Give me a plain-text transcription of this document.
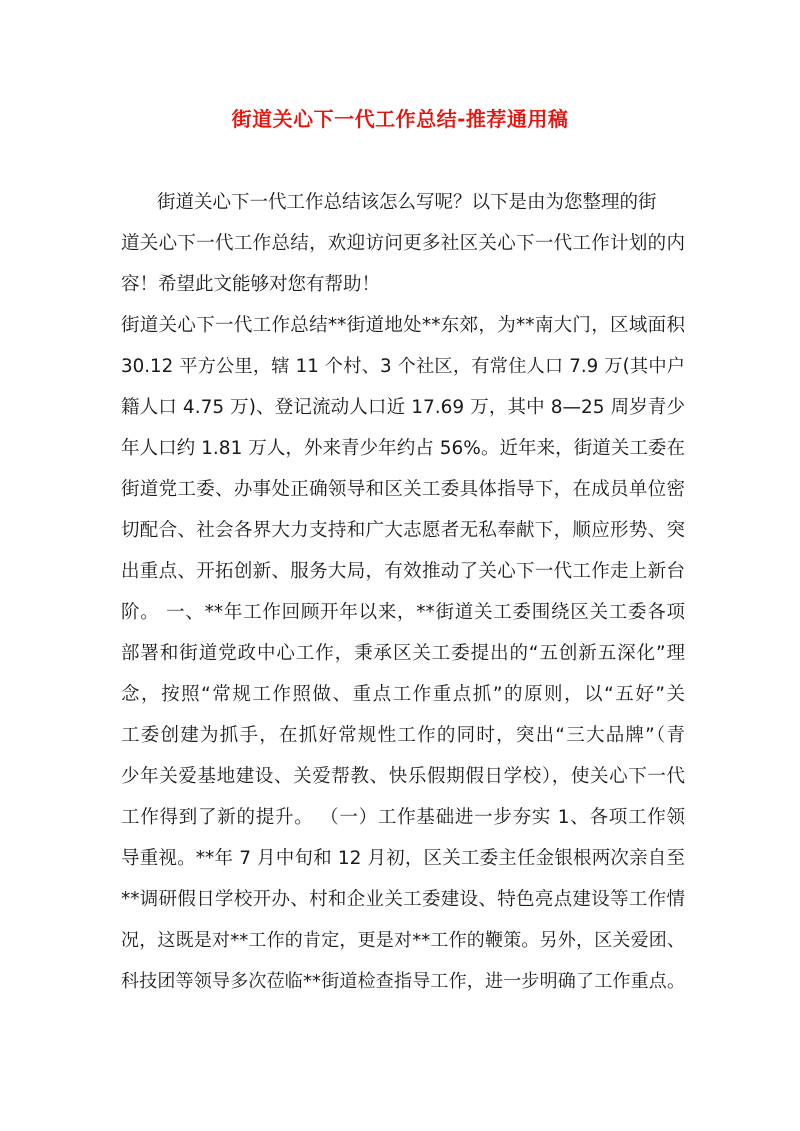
街道关心下一代工作总结-推荐通用稿
街道关心下一代工作总结该怎么写呢？以下是由为您整理的街
道关心下一代工作总结，欢迎访问更多社区关心下一代工作计划的内
容！希望此文能够对您有帮助！
街道关心下一代工作总结**街道地处**东郊，为**南大门，区域面积
30.12 平方公里，辖 11 个村、3 个社区，有常住人口 7.9 万(其中户
籍人口 4.75 万)、登记流动人口近 17.69 万，其中 8—25 周岁青少
年人口约 1.81 万人，外来青少年约占 56%。近年来，街道关工委在
街道党工委、办事处正确领导和区关工委具体指导下，在成员单位密
切配合、社会各界大力支持和广大志愿者无私奉献下，顺应形势、突
出重点、开拓创新、服务大局，有效推动了关心下一代工作走上新台
阶。 一、**年工作回顾开年以来，**街道关工委围绕区关工委各项
部署和街道党政中心工作，秉承区关工委提出的“五创新五深化”理
念，按照“常规工作照做、重点工作重点抓”的原则，以“五好”关
工委创建为抓手，在抓好常规性工作的同时，突出“三大品牌”（青
少年关爱基地建设、关爱帮教、快乐假期假日学校），使关心下一代
工作得到了新的提升。 （一）工作基础进一步夯实 1、各项工作领
导重视。**年 7 月中旬和 12 月初，区关工委主任金银根两次亲自至
**调研假日学校开办、村和企业关工委建设、特色亮点建设等工作情
况，这既是对**工作的肯定，更是对**工作的鞭策。另外，区关爱团、
科技团等领导多次莅临**街道检查指导工作，进一步明确了工作重点。
